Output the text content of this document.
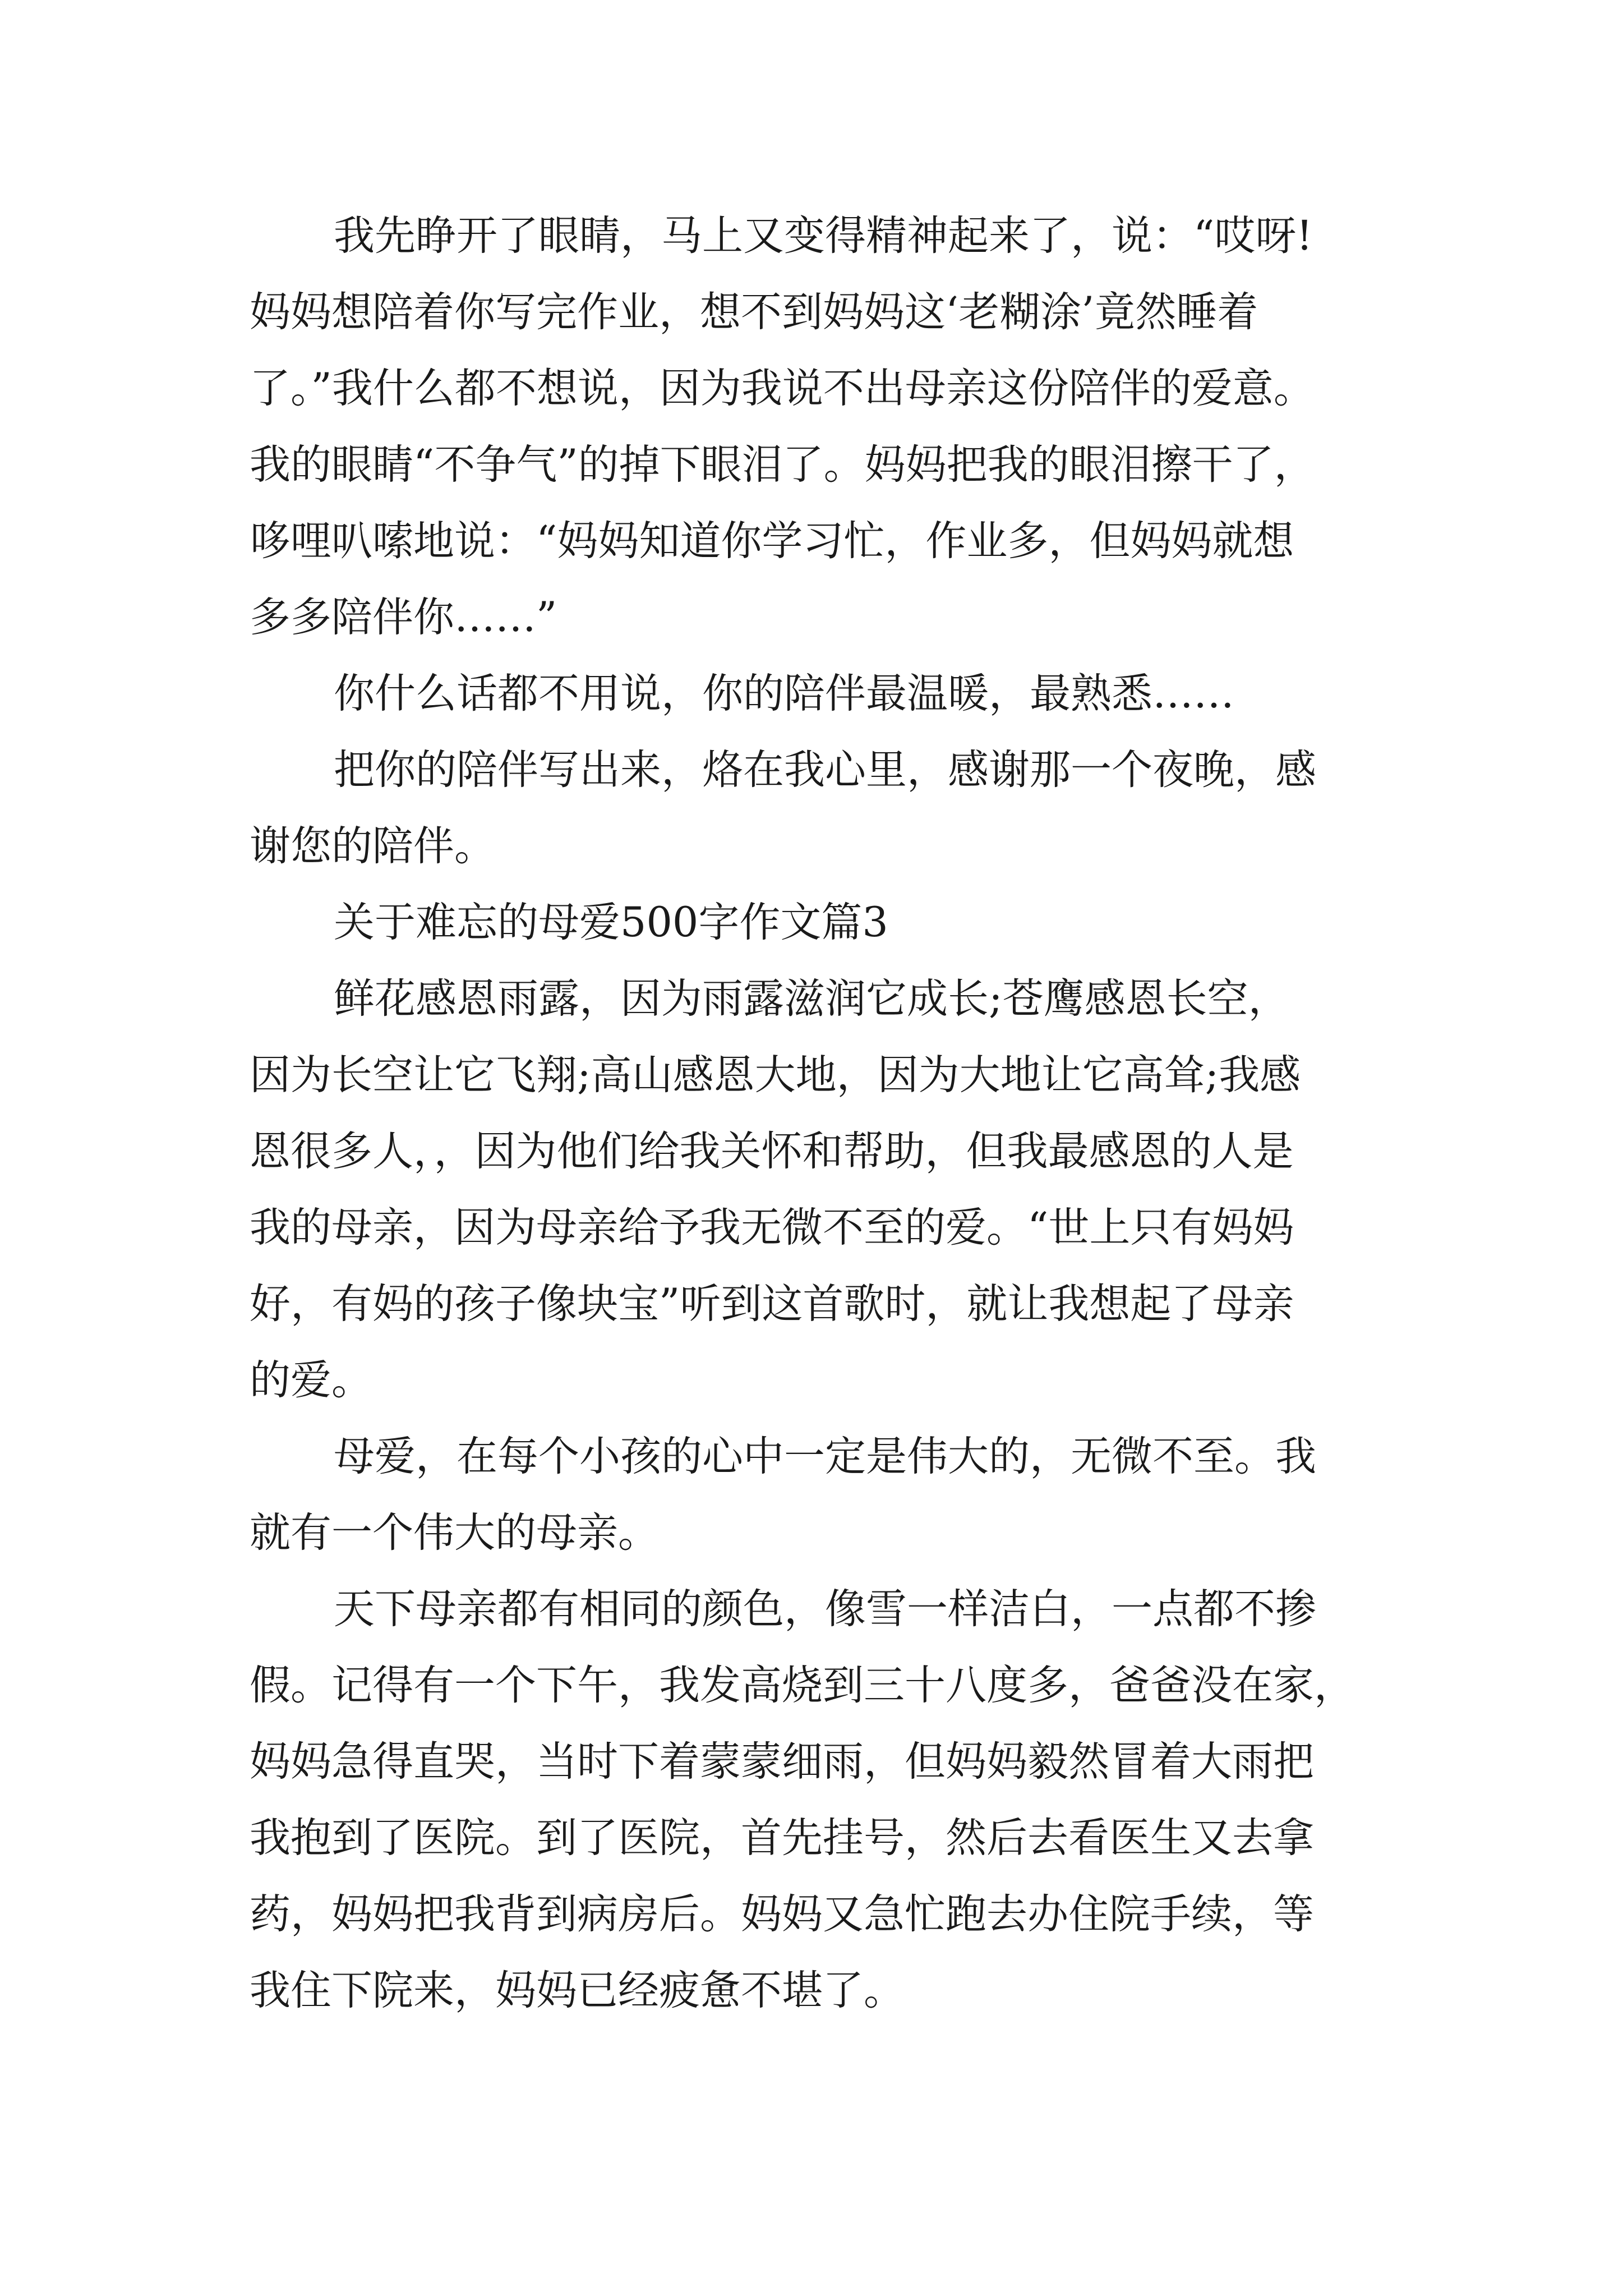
我先睁开了眼睛，马上又变得精神起来了，说：“哎呀!
妈妈想陪着你写完作业，想不到妈妈这‘老糊涂’竟然睡着
了。”我什么都不想说，因为我说不出母亲这份陪伴的爱意。
我的眼睛“不争气”的掉下眼泪了。妈妈把我的眼泪擦干了，
哆哩叭嗦地说：“妈妈知道你学习忙，作业多，但妈妈就想
多多陪伴你……”
你什么话都不用说，你的陪伴最温暖，最熟悉……
把你的陪伴写出来，烙在我心里，感谢那一个夜晚，感
谢您的陪伴。
关于难忘的母爱500字作文篇3
鲜花感恩雨露，因为雨露滋润它成长;苍鹰感恩长空，
因为长空让它飞翔;高山感恩大地，因为大地让它高耸;我感
恩很多人，，因为他们给我关怀和帮助，但我最感恩的人是
我的母亲，因为母亲给予我无微不至的爱。“世上只有妈妈
好，有妈的孩子像块宝”听到这首歌时，就让我想起了母亲
的爱。
母爱，在每个小孩的心中一定是伟大的，无微不至。我
就有一个伟大的母亲。
天下母亲都有相同的颜色，像雪一样洁白，一点都不掺
假。记得有一个下午，我发高烧到三十八度多，爸爸没在家，
妈妈急得直哭，当时下着蒙蒙细雨，但妈妈毅然冒着大雨把
我抱到了医院。到了医院，首先挂号，然后去看医生又去拿
药，妈妈把我背到病房后。妈妈又急忙跑去办住院手续，等
我住下院来，妈妈已经疲惫不堪了。
